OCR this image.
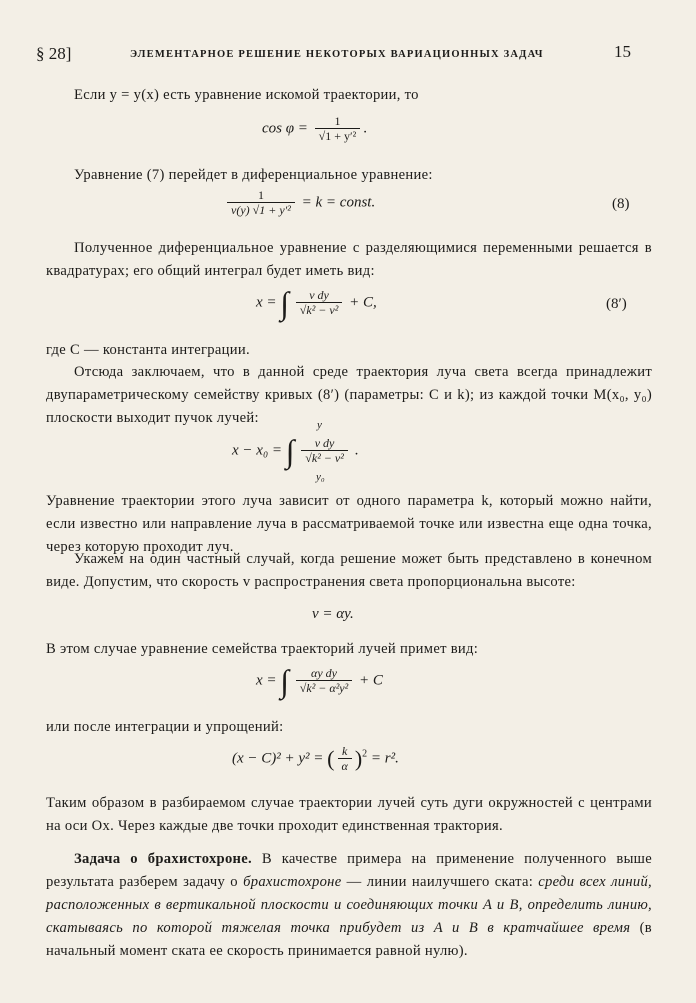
§ 28]	ЭЛЕМЕНТАРНОЕ РЕШЕНИЕ НЕКОТОРЫХ ВАРИАЦИОННЫХ ЗАДАЧ	15
Если y = y(x) есть уравнение искомой траектории, то
$\cos \varphi = \frac{1}{\text{√1 + y′²}}$ .
Уравнение (7) перейдет в диференциальное уравнение:
$\frac{1}{\text{v(y) √1 + y′²}} = k$ = const.	(8)
Полученное диференциальное уравнение с разделяющимися переменными решается в квадратурах; его общий интеграл будет иметь вид:
x = ∫ $\frac{\text{v dy}}{\text{√k² − v²}} + C$,	(8′)
где C — константа интеграции.
Отсюда заключаем, что в данной среде траектория луча света всегда принадлежит двупараметрическому семейству кривых (8′) (параметры: C и k); из каждой точки M(x₀, y₀) плоскости выходит пучок лучей:
x − x₀ = ∫ $\frac{\text{v dy}}{\text{√k² − v²}}$ .
y
y₀
Уравнение траектории этого луча зависит от одного параметра k, который можно найти, если известно или направление луча в рассматриваемой точке или известна еще одна точка, через которую проходит луч.
Укажем на один частный случай, когда решение может быть представлено в конечном виде. Допустим, что скорость v распространения света пропорциональна высоте:
v = αy.
В этом случае уравнение семейства траекторий лучей примет вид:
x = ∫ $\frac{\text{αy dy}}{\text{√k² − α²y²}} + C$
или после интеграции и упрощений:
(x − C)² + y² = ( $\frac{k}{\alpha} )^2 = r^2$.
Таким образом в разбираемом случае траектории лучей суть дуги окружностей с центрами на оси Ox. Через каждые две точки проходит единственная трактория.
Задача о брахистохроне. В качестве примера на применение полученного выше результата разберем задачу о брахистохроне — линии наилучшего ската: среди всех линий, расположенных в вертикальной плоскости и соединяющих точки A и B, определить линию, скатываясь по которой тяжелая точка прибудет из A и B в кратчайшее время (в начальный момент ската ее скорость принимается равной нулю).
